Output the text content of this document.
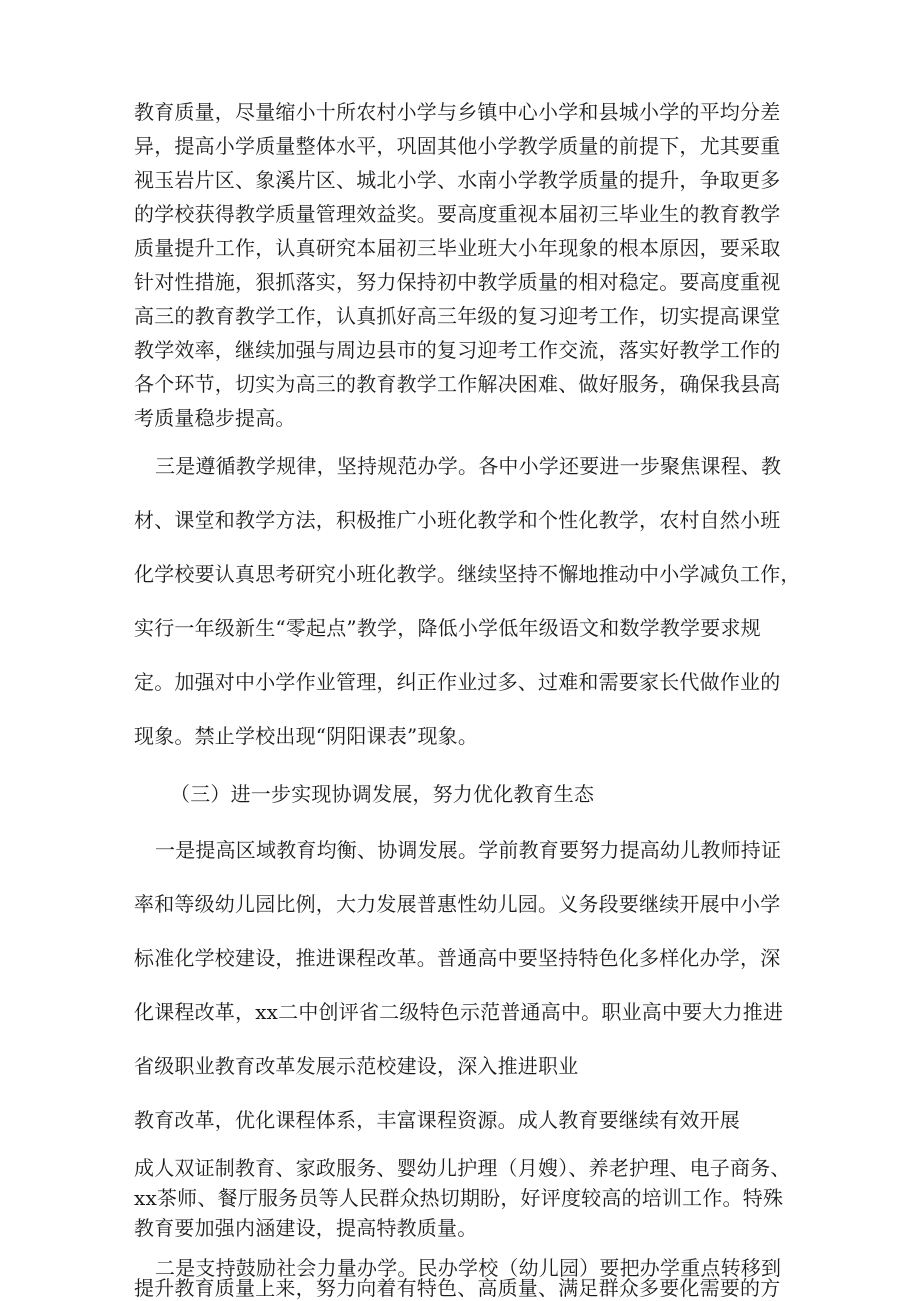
教育质量，尽量缩小十所农村小学与乡镇中心小学和县城小学的平均分差
异，提高小学质量整体水平，巩固其他小学教学质量的前提下，尤其要重
视玉岩片区、象溪片区、城北小学、水南小学教学质量的提升，争取更多
的学校获得教学质量管理效益奖。要高度重视本届初三毕业生的教育教学
质量提升工作，认真研究本届初三毕业班大小年现象的根本原因，要采取
针对性措施，狠抓落实，努力保持初中教学质量的相对稳定。要高度重视
高三的教育教学工作，认真抓好高三年级的复习迎考工作，切实提高课堂
教学效率，继续加强与周边县市的复习迎考工作交流，落实好教学工作的
各个环节，切实为高三的教育教学工作解决困难、做好服务，确保我县高
考质量稳步提高。
三是遵循教学规律，坚持规范办学。各中小学还要进一步聚焦课程、教
材、课堂和教学方法，积极推广小班化教学和个性化教学，农村自然小班
化学校要认真思考研究小班化教学。继续坚持不懈地推动中小学减负工作，
实行一年级新生“零起点”教学，降低小学低年级语文和数学教学要求规
定。加强对中小学作业管理，纠正作业过多、过难和需要家长代做作业的
现象。禁止学校出现“阴阳课表”现象。
（三）进一步实现协调发展，努力优化教育生态
一是提高区域教育均衡、协调发展。学前教育要努力提高幼儿教师持证
率和等级幼儿园比例，大力发展普惠性幼儿园。义务段要继续开展中小学
标准化学校建设，推进课程改革。普通高中要坚持特色化多样化办学，深
化课程改革，xx二中创评省二级特色示范普通高中。职业高中要大力推进
省级职业教育改革发展示范校建设，深入推进职业
教育改革，优化课程体系，丰富课程资源。成人教育要继续有效开展
成人双证制教育、家政服务、婴幼儿护理（月嫂）、养老护理、电子商务、
xx茶师、餐厅服务员等人民群众热切期盼，好评度较高的培训工作。特殊
教育要加强内涵建设，提高特教质量。
二是支持鼓励社会力量办学。民办学校（幼儿园）要把办学重点转移到
提升教育质量上来，努力向着有特色、高质量、满足群众多要化需要的方
